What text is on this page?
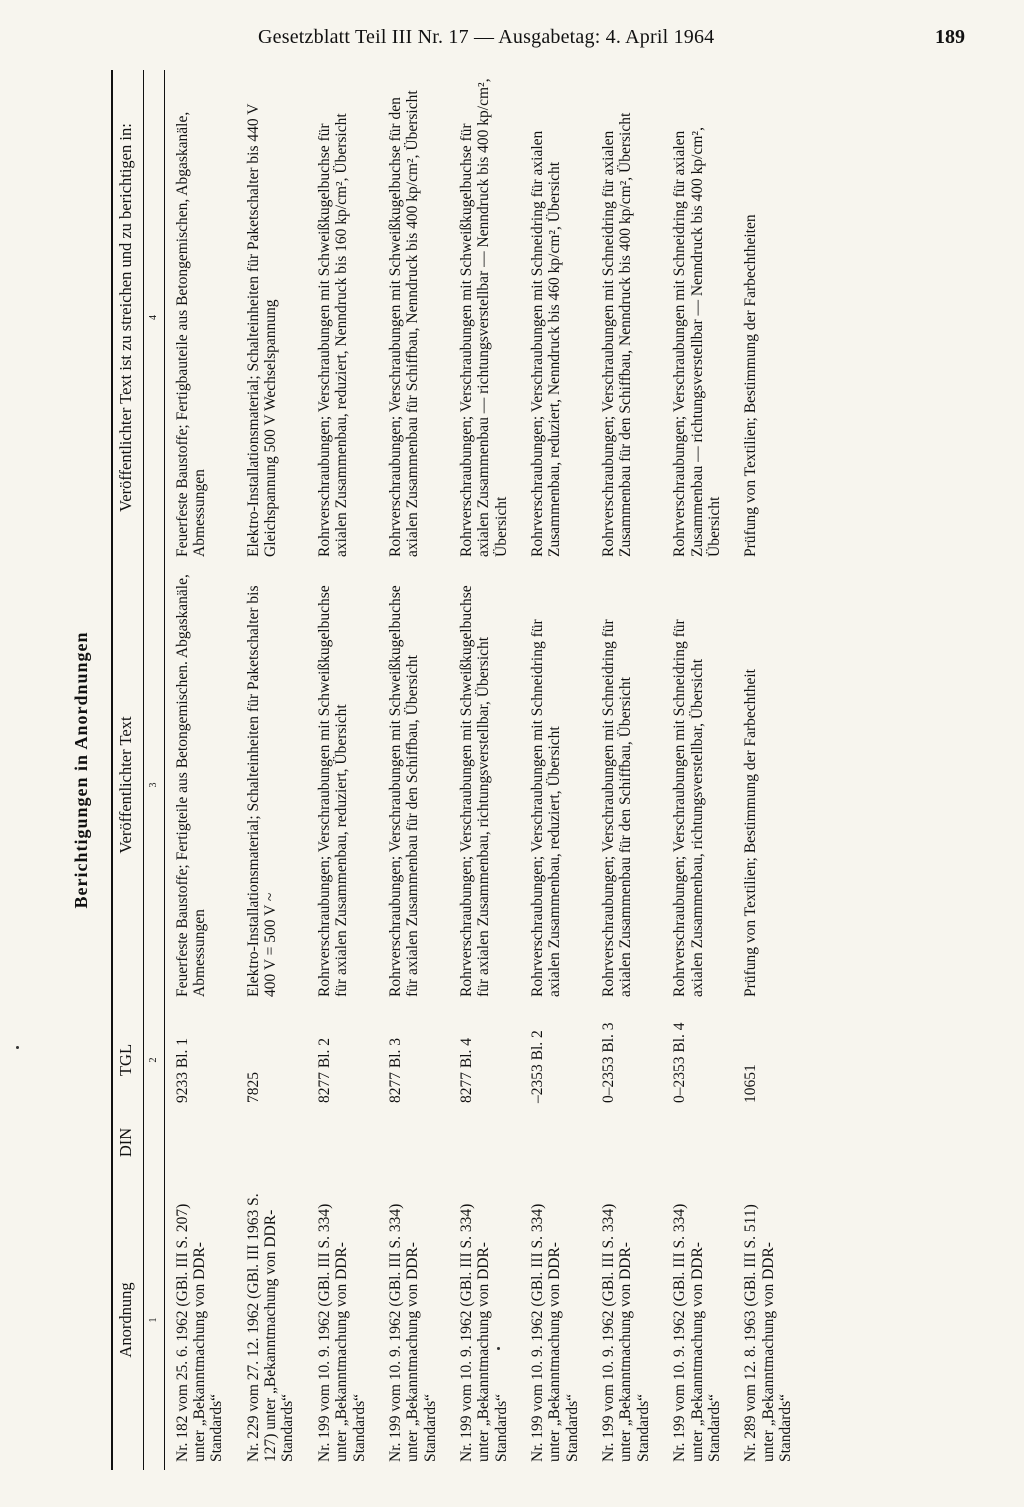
Gesetzblatt Teil III Nr. 17 — Ausgabetag: 4. April 1964	189
Berichtigungen in Anordnungen
Anordnung	DIN	TGL	Veröffentlichter Text	Veröffentlichter Text ist zu streichen und zu berichtigen in:
1		2	3	4
Nr. 182 vom 25. 6. 1962 (GBl. III S. 207) unter „Bekanntmachung von DDR-Standards“		9233 Bl. 1	Feuerfeste Baustoffe; Fertigteile aus Betongemischen. Abgaskanäle, Abmessungen	Feuerfeste Baustoffe; Fertigbauteile aus Betongemischen, Abgaskanäle, Abmessungen
Nr. 229 vom 27. 12. 1962 (GBl. III 1963 S. 127) unter „Bekanntmachung von DDR-Standards“		7825	Elektro-Installationsmaterial; Schalteinheiten für Paketschalter bis 400 V = 500 V ~	Elektro-Installationsmaterial; Schalteinheiten für Paketschalter bis 440 V Gleichspannung 500 V Wechselspannung
Nr. 199 vom 10. 9. 1962 (GBl. III S. 334) unter „Bekanntmachung von DDR-Standards“		8277 Bl. 2	Rohrverschraubungen; Verschraubungen mit Schweißkugelbuchse für axialen Zusammenbau, reduziert, Übersicht	Rohrverschraubungen; Verschraubungen mit Schweißkugelbuchse für axialen Zusammenbau, reduziert, Nenndruck bis 160 kp/cm², Übersicht
Nr. 199 vom 10. 9. 1962 (GBl. III S. 334) unter „Bekanntmachung von DDR-Standards“		8277 Bl. 3	Rohrverschraubungen; Verschraubungen mit Schweißkugelbuchse für axialen Zusammenbau für den Schiffbau, Übersicht	Rohrverschraubungen; Verschraubungen mit Schweißkugelbuchse für den axialen Zusammenbau für Schiffbau, Nenndruck bis 400 kp/cm², Übersicht
Nr. 199 vom 10. 9. 1962 (GBl. III S. 334) unter „Bekanntmachung von DDR-Standards“		8277 Bl. 4	Rohrverschraubungen; Verschraubungen mit Schweißkugelbuchse für axialen Zusammenbau, richtungsverstellbar, Übersicht	Rohrverschraubungen; Verschraubungen mit Schweißkugelbuchse für axialen Zusammenbau — richtungsverstellbar — Nenndruck bis 400 kp/cm², Übersicht
Nr. 199 vom 10. 9. 1962 (GBl. III S. 334) unter „Bekanntmachung von DDR-Standards“		–2353 Bl. 2	Rohrverschraubungen; Verschraubungen mit Schneidring für axialen Zusammenbau, reduziert, Übersicht	Rohrverschraubungen; Verschraubungen mit Schneidring für axialen Zusammenbau, reduziert, Nenndruck bis 460 kp/cm², Übersicht
Nr. 199 vom 10. 9. 1962 (GBl. III S. 334) unter „Bekanntmachung von DDR-Standards“		0–2353 Bl. 3	Rohrverschraubungen; Verschraubungen mit Schneidring für axialen Zusammenbau für den Schiffbau, Übersicht	Rohrverschraubungen; Verschraubungen mit Schneidring für axialen Zusammenbau für den Schiffbau, Nenndruck bis 400 kp/cm², Übersicht
Nr. 199 vom 10. 9. 1962 (GBl. III S. 334) unter „Bekanntmachung von DDR-Standards“		0–2353 Bl. 4	Rohrverschraubungen; Verschraubungen mit Schneidring für axialen Zusammenbau, richtungsverstellbar, Übersicht	Rohrverschraubungen; Verschraubungen mit Schneidring für axialen Zusammenbau — richtungsverstellbar — Nenndruck bis 400 kp/cm², Übersicht
Nr. 289 vom 12. 8. 1963 (GBl. III S. 511) unter „Bekanntmachung von DDR-Standards“		10651	Prüfung von Textilien; Bestimmung der Farbechtheit	Prüfung von Textilien; Bestimmung der Farbechtheiten
